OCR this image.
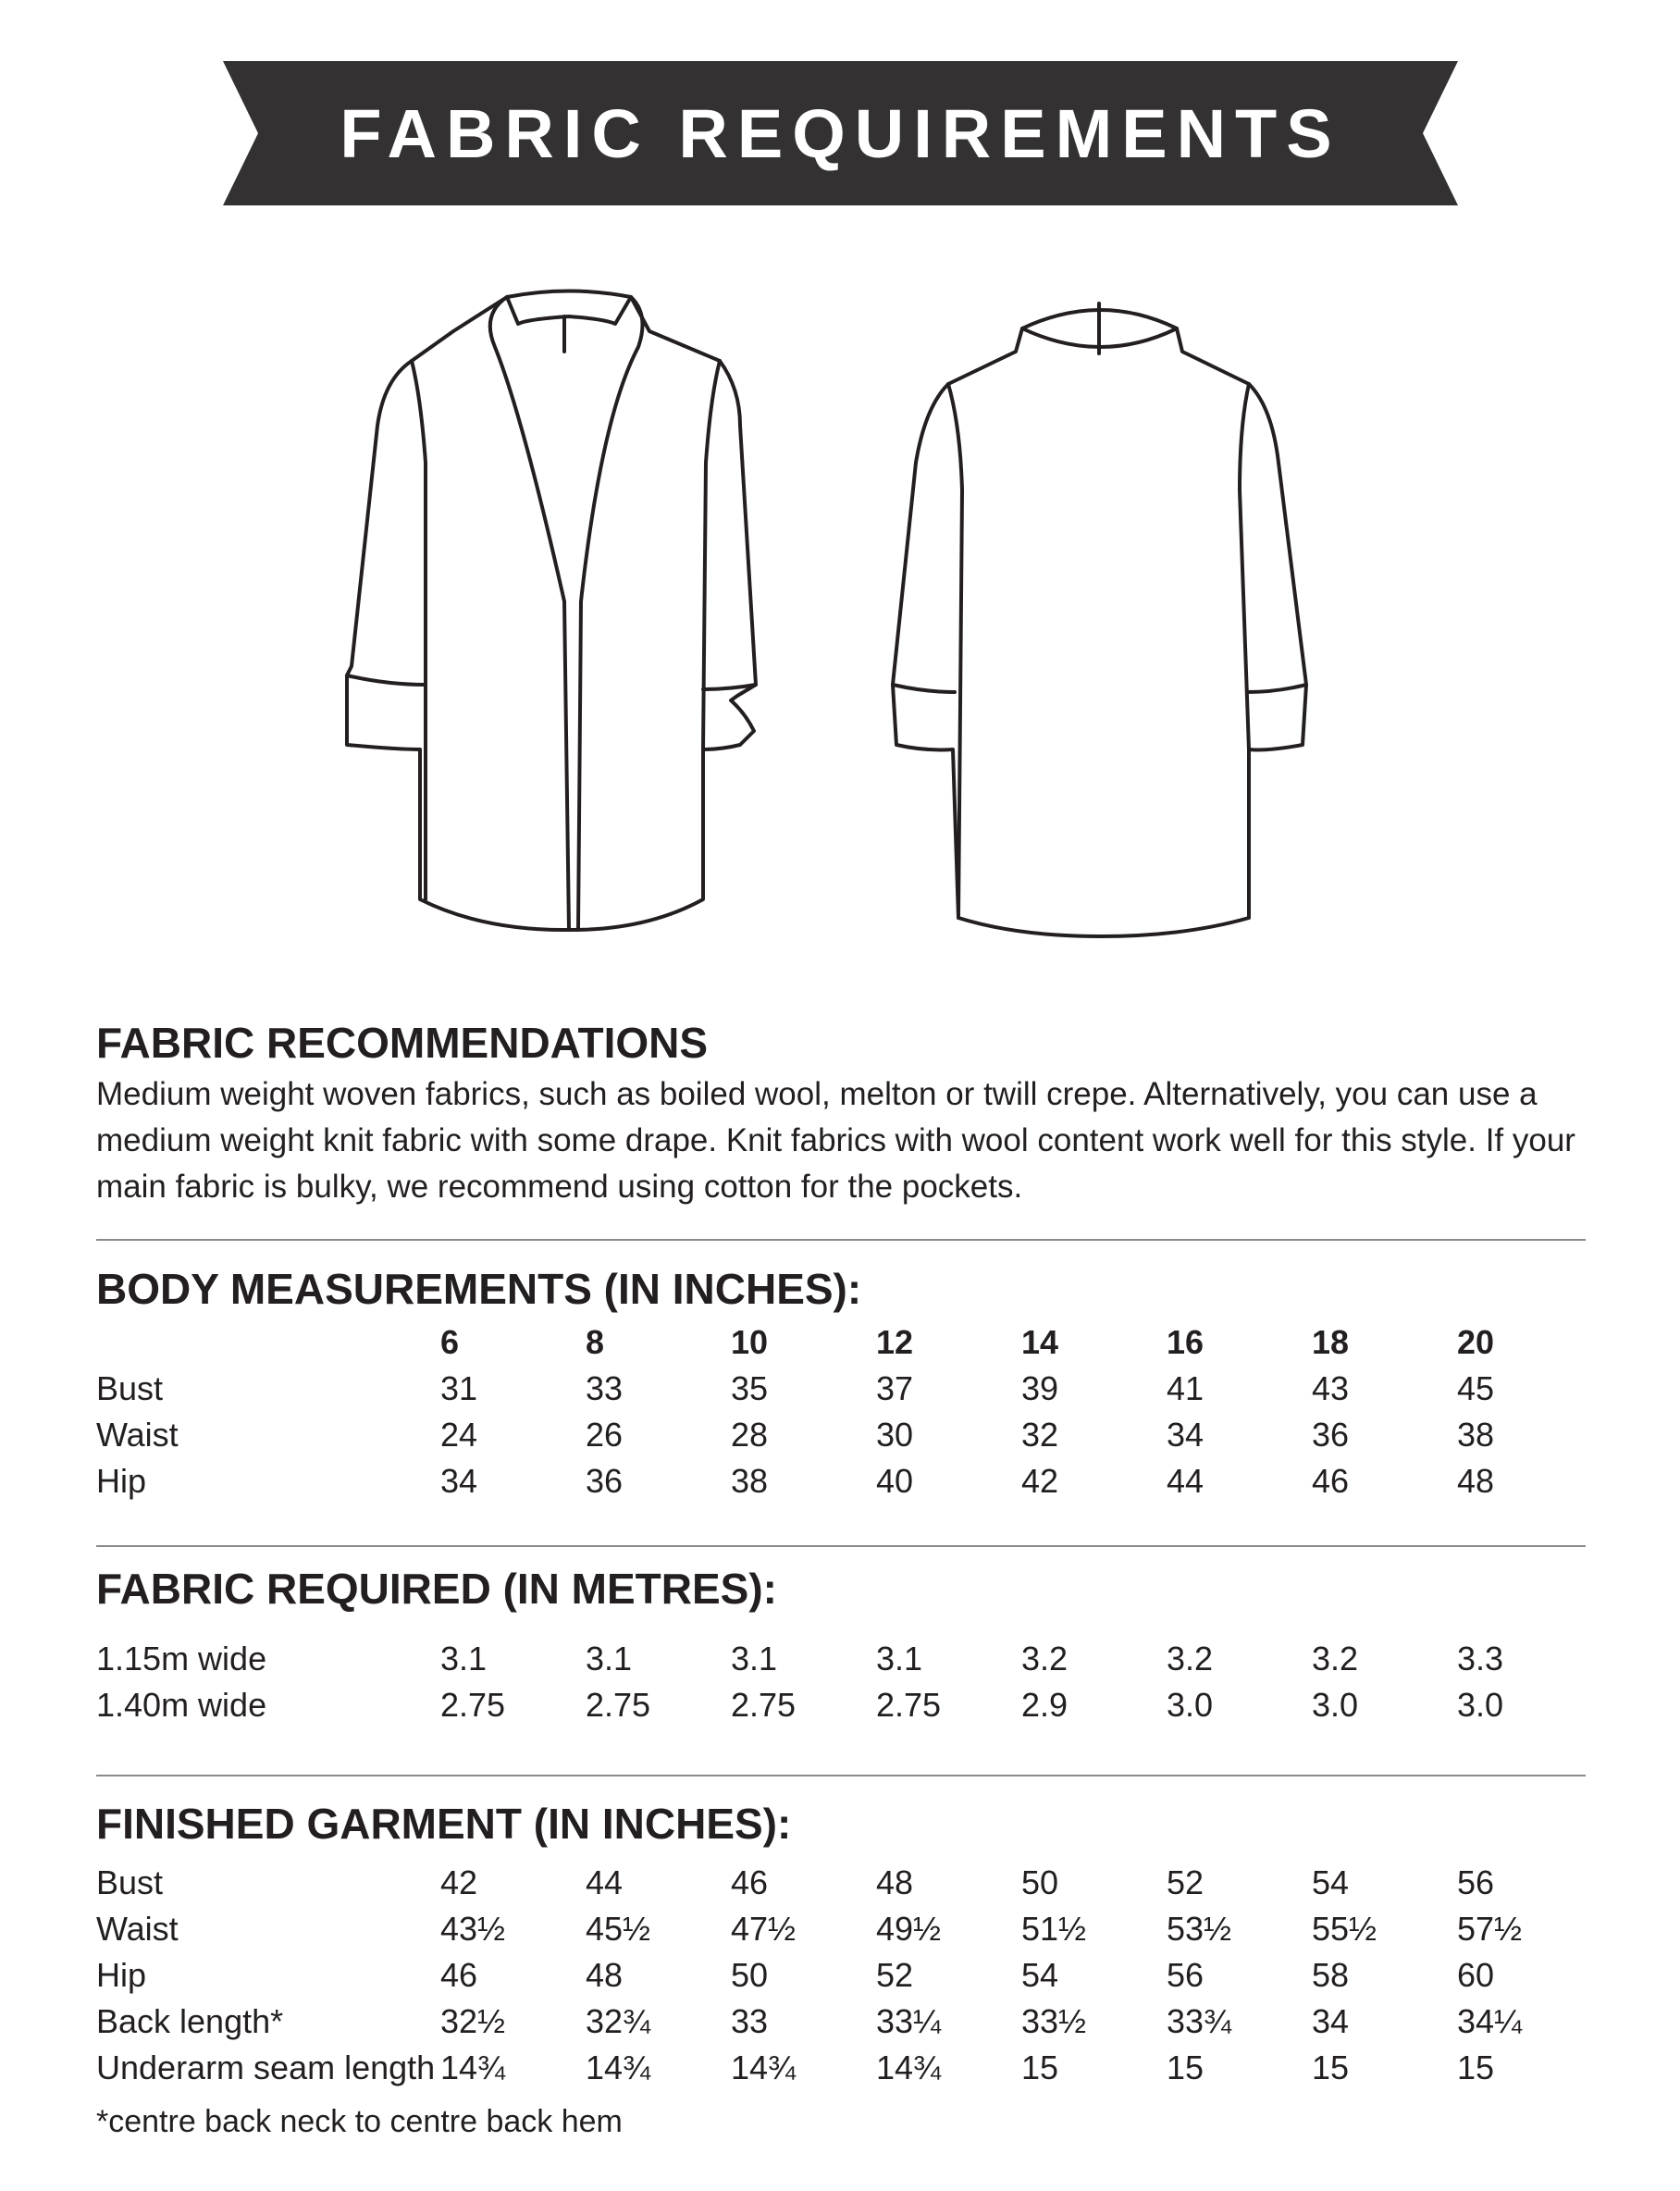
FABRIC REQUIREMENTS
FABRIC RECOMMENDATIONS

Medium weight woven fabrics, such as boiled wool, melton or twill crepe. Alternatively, you can use a medium weight knit fabric with some drape. Knit fabrics with wool content work well for this style. If your main fabric is bulky, we recommend using cotton for the pockets.

BODY MEASUREMENTS (IN INCHES):
	6	8	10	12	14	16	18	20
Bust	31	33	35	37	39	41	43	45
Waist	24	26	28	30	32	34	36	38
Hip	34	36	38	40	42	44	46	48
FABRIC REQUIRED (IN METRES):
1.15m wide	3.1	3.1	3.1	3.1	3.2	3.2	3.2	3.3
1.40m wide	2.75	2.75	2.75	2.75	2.9	3.0	3.0	3.0
FINISHED GARMENT (IN INCHES):
Bust	42	44	46	48	50	52	54	56
Waist	43½	45½	47½	49½	51½	53½	55½	57½
Hip	46	48	50	52	54	56	58	60
Back length*	32½	32¾	33	33¼	33½	33¾	34	34¼
Underarm seam length	14¾	14¾	14¾	14¾	15	15	15	15

*centre back neck to centre back hem
